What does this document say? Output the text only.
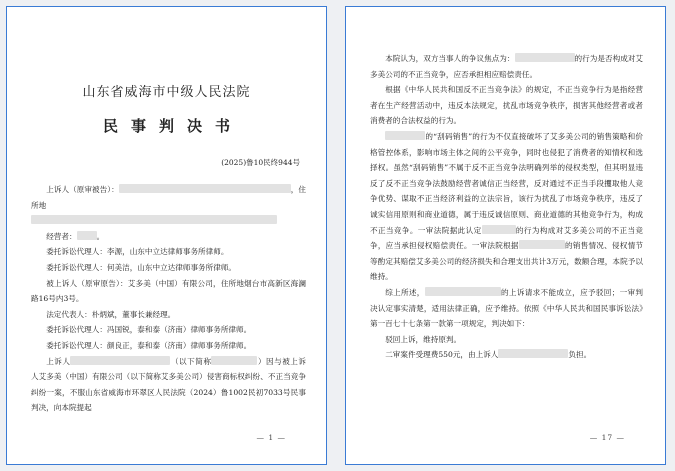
山东省威海市中级人民法院
民事判决书
(2025)鲁10民终944号

上诉人（原审被告）：	，住所地

经营者：	。

委托诉讼代理人：李源，山东中立达律师事务所律师。

委托诉讼代理人：何美洁，山东中立达律师事务所律师。

被上诉人（原审原告）：艾多美（中国）有限公司，住所地烟台市高新区海澜路16号内3号。

法定代表人：朴炳斌，董事长兼经理。

委托诉讼代理人：冯国锐，泰和泰（济南）律师事务所律师。

委托诉讼代理人：颜良正，泰和泰（济南）律师事务所律师。

上诉人	（以下简称	）因与被上诉人艾多美（中国）有限公司（以下简称艾多美公司）侵害商标权纠纷、不正当竞争纠纷一案，不服山东省威海市环翠区人民法院（2024）鲁1002民初7033号民事判决，向本院提起

— 1 —

本院认为，双方当事人的争议焦点为：	的行为是否构成对艾多美公司的不正当竞争，应否承担相应赔偿责任。

根据《中华人民共和国反不正当竞争法》的规定，不正当竞争行为是指经营者在生产经营活动中，违反本法规定，扰乱市场竞争秩序，损害其他经营者或者消费者的合法权益的行为。

的“刮码销售”的行为不仅直接破坏了艾多美公司的销售策略和价格管控体系，影响市场主体之间的公平竞争，同时也侵犯了消费者的知情权和选择权。虽然“刮码销售”不属于反不正当竞争法明确列举的侵权类型，但其明显违反了反不正当竞争法鼓励经营者诚信正当经营，反对通过不正当手段攫取他人竞争优势、谋取不正当经济利益的立法宗旨，该行为扰乱了市场竞争秩序，违反了诚实信用原则和商业道德，属于违反诚信原则、商业道德的其他竞争行为，构成不正当竞争。一审法院据此认定	的行为构成对艾多美公司的不正当竞争，应当承担侵权赔偿责任。一审法院根据	的销售情况、侵权情节等酌定其赔偿艾多美公司的经济损失和合理支出共计3万元，数额合理，本院予以维持。

综上所述，	的上诉请求不能成立，应予驳回；一审判决认定事实清楚，适用法律正确，应予维持。依照《中华人民共和国民事诉讼法》第一百七十七条第一款第一项规定，判决如下：

驳回上诉，维持原判。

二审案件受理费550元，由上诉人	负担。

— 17 —
